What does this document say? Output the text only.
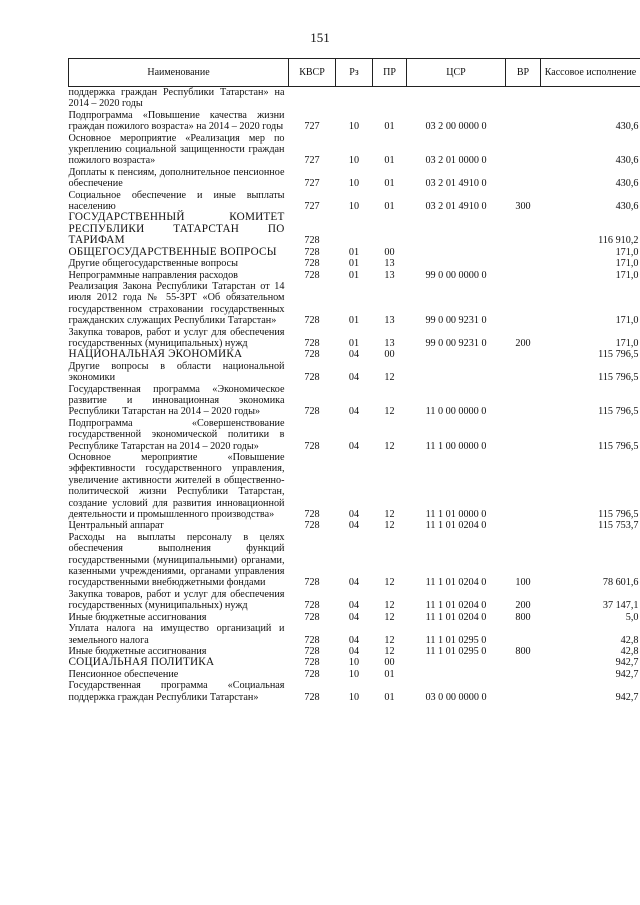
151
Наименование	КВСР	Рз	ПР	ЦСР	ВР	Кассовое исполнение
поддержка граждан Республики Татарстан» на 2014 – 2020 годы						
Подпрограмма «Повышение качества жизни граждан пожилого возраста» на 2014 – 2020 годы	727	10	01	03 2 00 0000 0		430,6
Основное мероприятие «Реализация мер по укреплению социальной защищенности граждан пожилого возраста»	727	10	01	03 2 01 0000 0		430,6
Доплаты к пенсиям, дополнительное пенсионное обеспечение	727	10	01	03 2 01 4910 0		430,6
Социальное обеспечение и иные выплаты населению	727	10	01	03 2 01 4910 0	300	430,6
ГОСУДАРСТВЕННЫЙ КОМИТЕТ РЕСПУБЛИКИ ТАТАРСТАН ПО ТАРИФАМ	728					116 910,2
ОБЩЕГОСУДАРСТВЕННЫЕ ВОПРОСЫ	728	01	00			171,0
Другие общегосударственные вопросы	728	01	13			171,0
Непрограммные направления расходов	728	01	13	99 0 00 0000 0		171,0
Реализация Закона Республики Татарстан от 14 июля 2012 года № 55-ЗРТ «Об обязательном государственном страховании государственных гражданских служащих Республики Татарстан»	728	01	13	99 0 00 9231 0		171,0
Закупка товаров, работ и услуг для обеспечения государственных (муниципальных) нужд	728	01	13	99 0 00 9231 0	200	171,0
НАЦИОНАЛЬНАЯ ЭКОНОМИКА	728	04	00			115 796,5
Другие вопросы в области национальной экономики	728	04	12			115 796,5
Государственная программа «Экономическое развитие и инновационная экономика Республики Татарстан на 2014 – 2020 годы»	728	04	12	11 0 00 0000 0		115 796,5
Подпрограмма «Совершенствование государственной экономической политики в Республике Татарстан на 2014 – 2020 годы»	728	04	12	11 1 00 0000 0		115 796,5
Основное мероприятие «Повышение эффективности государственного управления, увеличение активности жителей в общественно-политической жизни Республики Татарстан, создание условий для развития инновационной деятельности и промышленного производства»	728	04	12	11 1 01 0000 0		115 796,5
Центральный аппарат	728	04	12	11 1 01 0204 0		115 753,7
Расходы на выплаты персоналу в целях обеспечения выполнения функций государственными (муниципальными) органами, казенными учреждениями, органами управления государственными внебюджетными фондами	728	04	12	11 1 01 0204 0	100	78 601,6
Закупка товаров, работ и услуг для обеспечения государственных (муниципальных) нужд	728	04	12	11 1 01 0204 0	200	37 147,1
Иные бюджетные ассигнования	728	04	12	11 1 01 0204 0	800	5,0
Уплата налога на имущество организаций и земельного налога	728	04	12	11 1 01 0295 0		42,8
Иные бюджетные ассигнования	728	04	12	11 1 01 0295 0	800	42,8
СОЦИАЛЬНАЯ ПОЛИТИКА	728	10	00			942,7
Пенсионное обеспечение	728	10	01			942,7
Государственная программа «Социальная поддержка граждан Республики Татарстан»	728	10	01	03 0 00 0000 0		942,7
